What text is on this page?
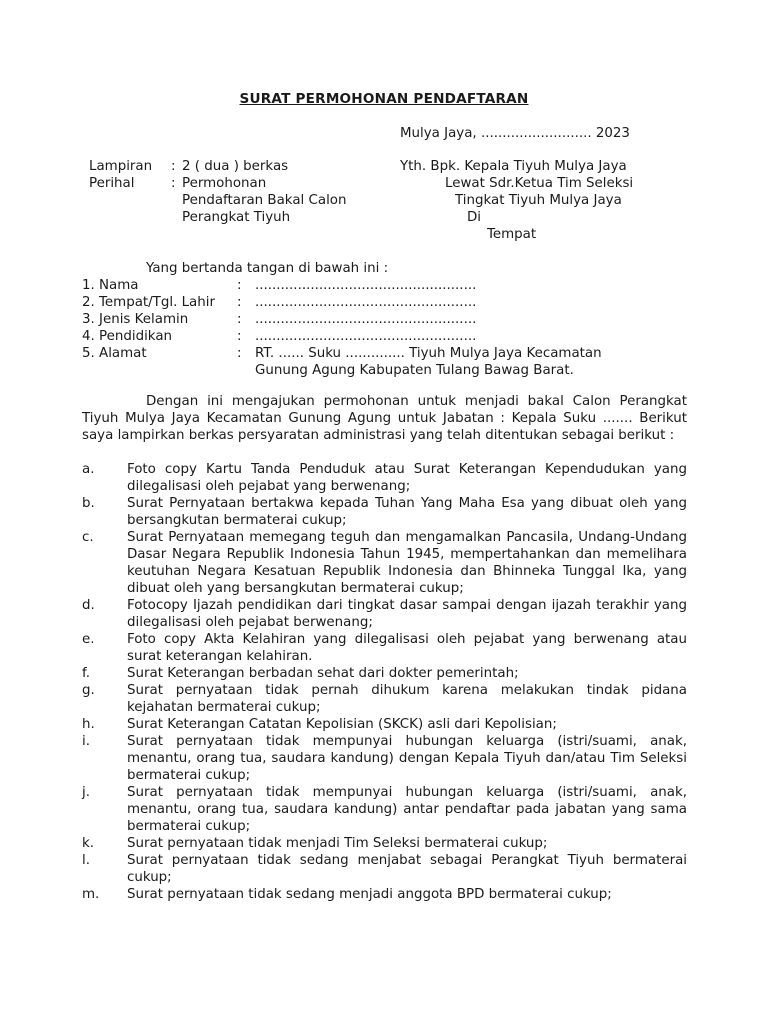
SURAT PERMOHONAN PENDAFTARAN
Mulya Jaya, .......................... 2023
Lampiran : 2 ( dua ) berkas
Perihal	: Permohonan
Pendaftaran Bakal Calon
Perangkat Tiyuh
Yth. Bpk. Kepala Tiyuh Mulya Jaya
Lewat Sdr.Ketua Tim Seleksi
Tingkat Tiyuh Mulya Jaya
Di
Tempat
Yang bertanda tangan di bawah ini :
1. Nama	: ....................................................
2. Tempat/Tgl. Lahir : ....................................................
3. Jenis Kelamin	: ....................................................
4. Pendidikan	: ....................................................
5. Alamat	: RT. ...... Suku .............. Tiyuh Mulya Jaya Kecamatan
Gunung Agung Kabupaten Tulang Bawag Barat.
Dengan ini mengajukan permohonan untuk menjadi bakal Calon Perangkat Tiyuh Mulya Jaya Kecamatan Gunung Agung untuk Jabatan : Kepala Suku ....... Berikut saya lampirkan berkas persyaratan administrasi yang telah ditentukan sebagai berikut :
a.	Foto copy Kartu Tanda Penduduk atau Surat Keterangan Kependudukan yang dilegalisasi oleh pejabat yang berwenang;
b.	Surat Pernyataan bertakwa kepada Tuhan Yang Maha Esa yang dibuat oleh yang bersangkutan bermaterai cukup;
c.	Surat Pernyataan memegang teguh dan mengamalkan Pancasila, Undang-Undang Dasar Negara Republik Indonesia Tahun 1945, mempertahankan dan memelihara keutuhan Negara Kesatuan Republik Indonesia dan Bhinneka Tunggal Ika, yang dibuat oleh yang bersangkutan bermaterai cukup;
d.	Fotocopy Ijazah pendidikan dari tingkat dasar sampai dengan ijazah terakhir yang dilegalisasi oleh pejabat berwenang;
e.	Foto copy Akta Kelahiran yang dilegalisasi oleh pejabat yang berwenang atau surat keterangan kelahiran.
f.	Surat Keterangan berbadan sehat dari dokter pemerintah;
g.	Surat pernyataan tidak pernah dihukum karena melakukan tindak pidana kejahatan bermaterai cukup;
h.	Surat Keterangan Catatan Kepolisian (SKCK) asli dari Kepolisian;
i.	Surat pernyataan tidak mempunyai hubungan keluarga (istri/suami, anak, menantu, orang tua, saudara kandung) dengan Kepala Tiyuh dan/atau Tim Seleksi bermaterai cukup;
j.	Surat pernyataan tidak mempunyai hubungan keluarga (istri/suami, anak, menantu, orang tua, saudara kandung) antar pendaftar pada jabatan yang sama bermaterai cukup;
k.	Surat pernyataan tidak menjadi Tim Seleksi bermaterai cukup;
l.	Surat pernyataan tidak sedang menjabat sebagai Perangkat Tiyuh bermaterai cukup;
m.	Surat pernyataan tidak sedang menjadi anggota BPD bermaterai cukup;
